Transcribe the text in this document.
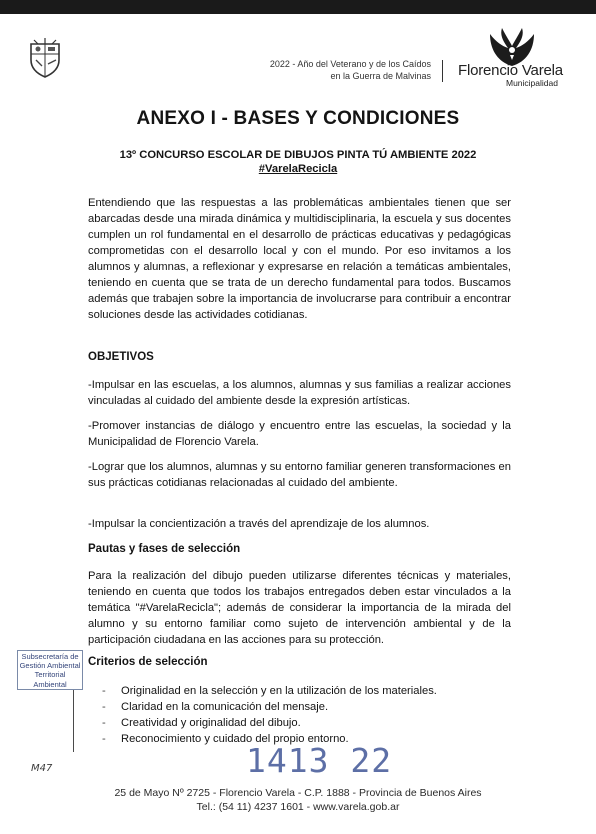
2022 - Año del Veterano y de los Caídos
en la Guerra de Malvinas Florencio Varela
Municipalidad
ANEXO I - BASES Y CONDICIONES
13º CONCURSO ESCOLAR DE DIBUJOS PINTA TÚ AMBIENTE 2022
#VarelaRecicla
Entendiendo que las respuestas a las problemáticas ambientales tienen que ser abarcadas desde una mirada dinámica y multidisciplinaria, la escuela y sus docentes cumplen un rol fundamental en el desarrollo de prácticas educativas y pedagógicas comprometidas con el desarrollo local y con el mundo. Por eso invitamos a los alumnos y alumnas, a reflexionar y expresarse en relación a temáticas ambientales, teniendo en cuenta que se trata de un derecho fundamental para todos. Buscamos además que trabajen sobre la importancia de involucrarse para contribuir a encontrar soluciones desde las actividades cotidianas.
OBJETIVOS
-Impulsar en las escuelas, a los alumnos, alumnas y sus familias a realizar acciones vinculadas al cuidado del ambiente desde la expresión artísticas.
-Promover instancias de diálogo y encuentro entre las escuelas, la sociedad y la Municipalidad de Florencio Varela.
-Lograr que los alumnos, alumnas y su entorno familiar generen transformaciones en sus prácticas cotidianas relacionadas al cuidado del ambiente.
-Impulsar la concientización a través del aprendizaje de los alumnos.
Pautas y fases de selección
Para la realización del dibujo pueden utilizarse diferentes técnicas y materiales, teniendo en cuenta que todos los trabajos entregados deben estar vinculados a la temática "#VarelaRecicla"; además de considerar la importancia de la mirada del alumno y su entorno familiar como sujeto de intervención ambiental y de la participación ciudadana en las acciones para su protección.
Criterios de selección
- Originalidad en la selección y en la utilización de los materiales.
- Claridad en la comunicación del mensaje.
- Creatividad y originalidad del dibujo.
- Reconocimiento y cuidado del propio entorno.
Subsecretaría de
Gestión Ambiental
Territorial
Ambiental
M47	1413 22
25 de Mayo Nº 2725 - Florencio Varela - C.P. 1888 - Provincia de Buenos Aires
Tel.: (54 11) 4237 1601 - www.varela.gob.ar
